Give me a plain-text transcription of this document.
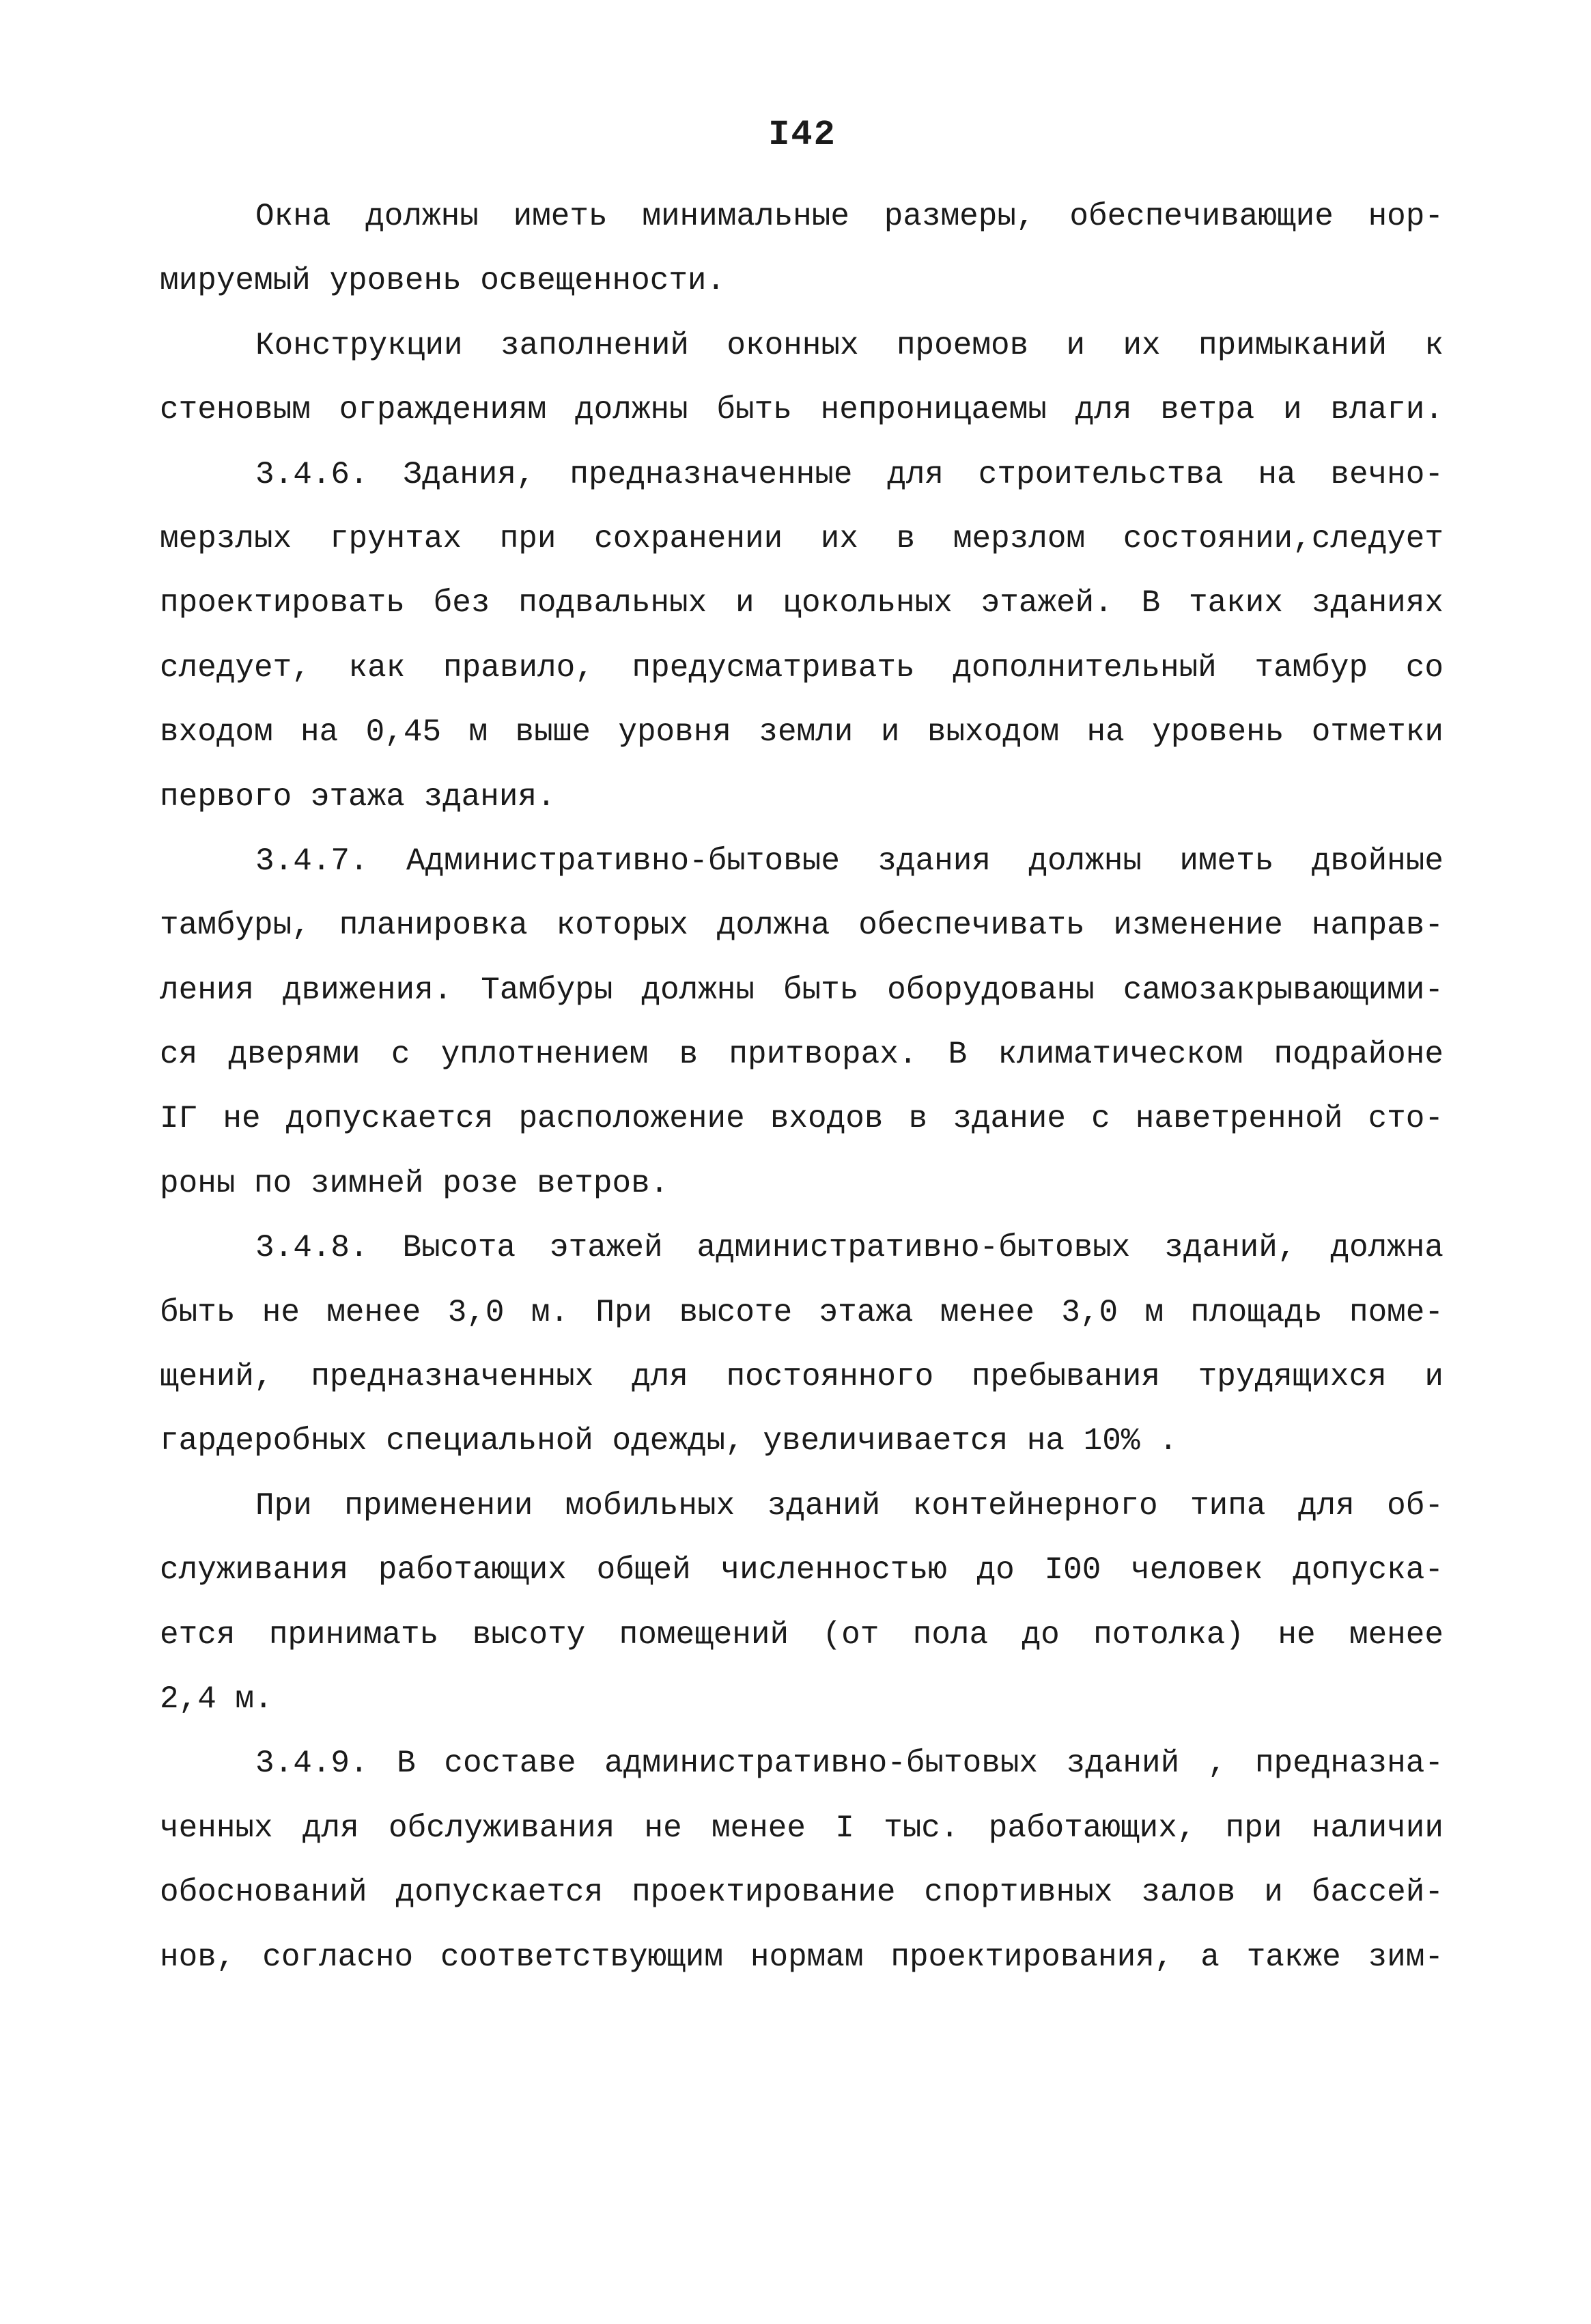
I42
Окна должны иметь минимальные размеры, обеспечивающие нор-
мируемый уровень освещенности.
Конструкции заполнений оконных проемов и их примыканий к
стеновым ограждениям должны быть непроницаемы для ветра и влаги.
3.4.6. Здания, предназначенные для строительства на вечно-
мерзлых грунтах при сохранении их в мерзлом состоянии,следует
проектировать без подвальных и цокольных этажей. В таких зданиях
следует, как правило, предусматривать дополнительный тамбур со
входом на 0,45 м выше уровня земли и выходом на уровень отметки
первого этажа здания.
3.4.7. Административно-бытовые здания должны иметь двойные
тамбуры, планировка которых должна обеспечивать изменение направ-
ления движения. Тамбуры должны быть оборудованы самозакрывающими-
ся дверями с уплотнением в притворах. В климатическом подрайоне
IГ не допускается расположение входов в здание с наветренной сто-
роны по зимней розе ветров.
3.4.8. Высота этажей административно-бытовых зданий, должна
быть не менее 3,0 м. При высоте этажа менее 3,0 м площадь поме-
щений, предназначенных для постоянного пребывания трудящихся и
гардеробных специальной одежды, увеличивается на 10% .
При применении мобильных зданий контейнерного типа для об-
служивания работающих общей численностью до I00 человек допуска-
ется принимать высоту помещений (от пола до потолка) не менее
2,4 м.
3.4.9. В составе административно-бытовых зданий , предназна-
ченных для обслуживания не менее I тыс. работающих, при наличии
обоснований допускается проектирование спортивных залов и бассей-
нов, согласно соответствующим нормам проектирования, а также зим-
